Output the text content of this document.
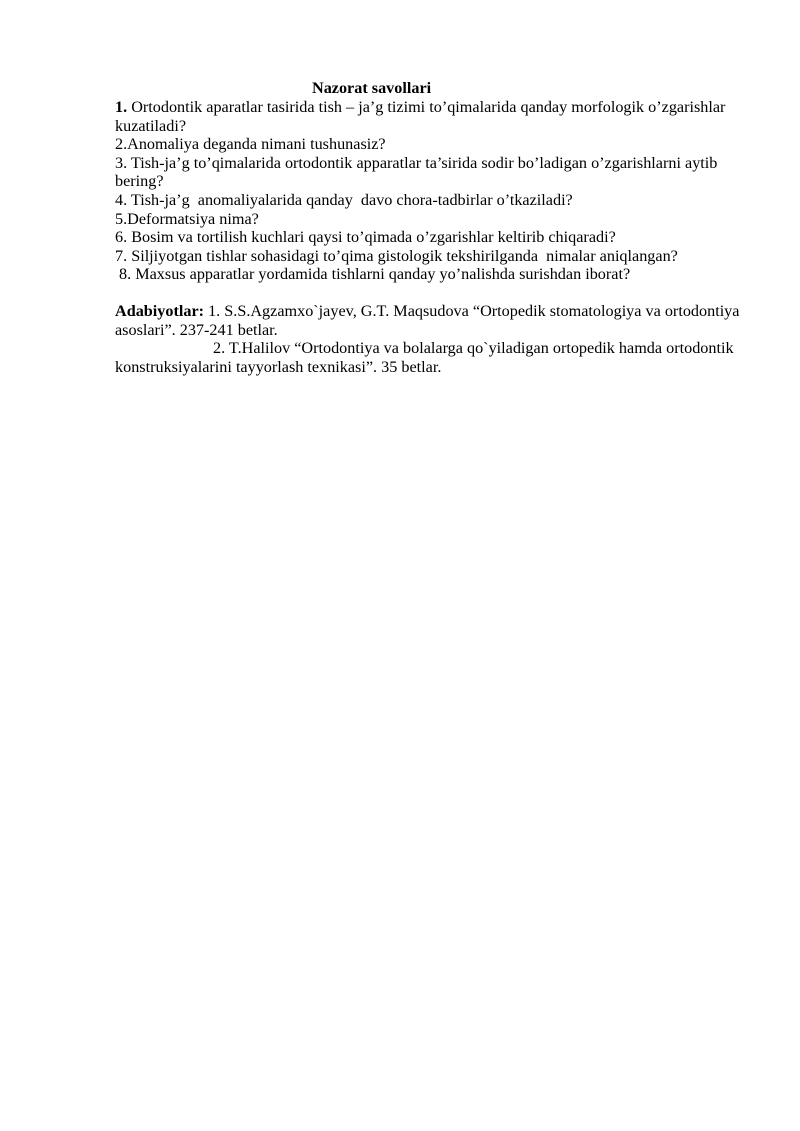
Nazorat savollari

1. Ortodontik aparatlar tasirida tish – ja’g tizimi to’qimalarida qanday morfologik o’zgarishlar kuzatiladi?

2.Anomaliya deganda nimani tushunasiz?

3. Tish-ja’g to’qimalarida ortodontik apparatlar ta’sirida sodir bo’ladigan o’zgarishlarni aytib bering?

4. Tish-ja’g  anomaliyalarida qanday  davo chora-tadbirlar o’tkaziladi?

5.Deformatsiya nima?

6. Bosim va tortilish kuchlari qaysi to’qimada o’zgarishlar keltirib chiqaradi?

7. Siljiyotgan tishlar sohasidagi to’qima gistologik tekshirilganda  nimalar aniqlangan?

8. Maxsus apparatlar yordamida tishlarni qanday yo’nalishda surishdan iborat?

Adabiyotlar: 1. S.S.Agzamxo`jayev, G.T. Maqsudova “Ortopedik stomatologiya va ortodontiya asoslari”. 237-241 betlar.

2. T.Halilov “Ortodontiya va bolalarga qo`yiladigan ortopedik hamda ortodontik konstruksiyalarini tayyorlash texnikasi”. 35 betlar.
